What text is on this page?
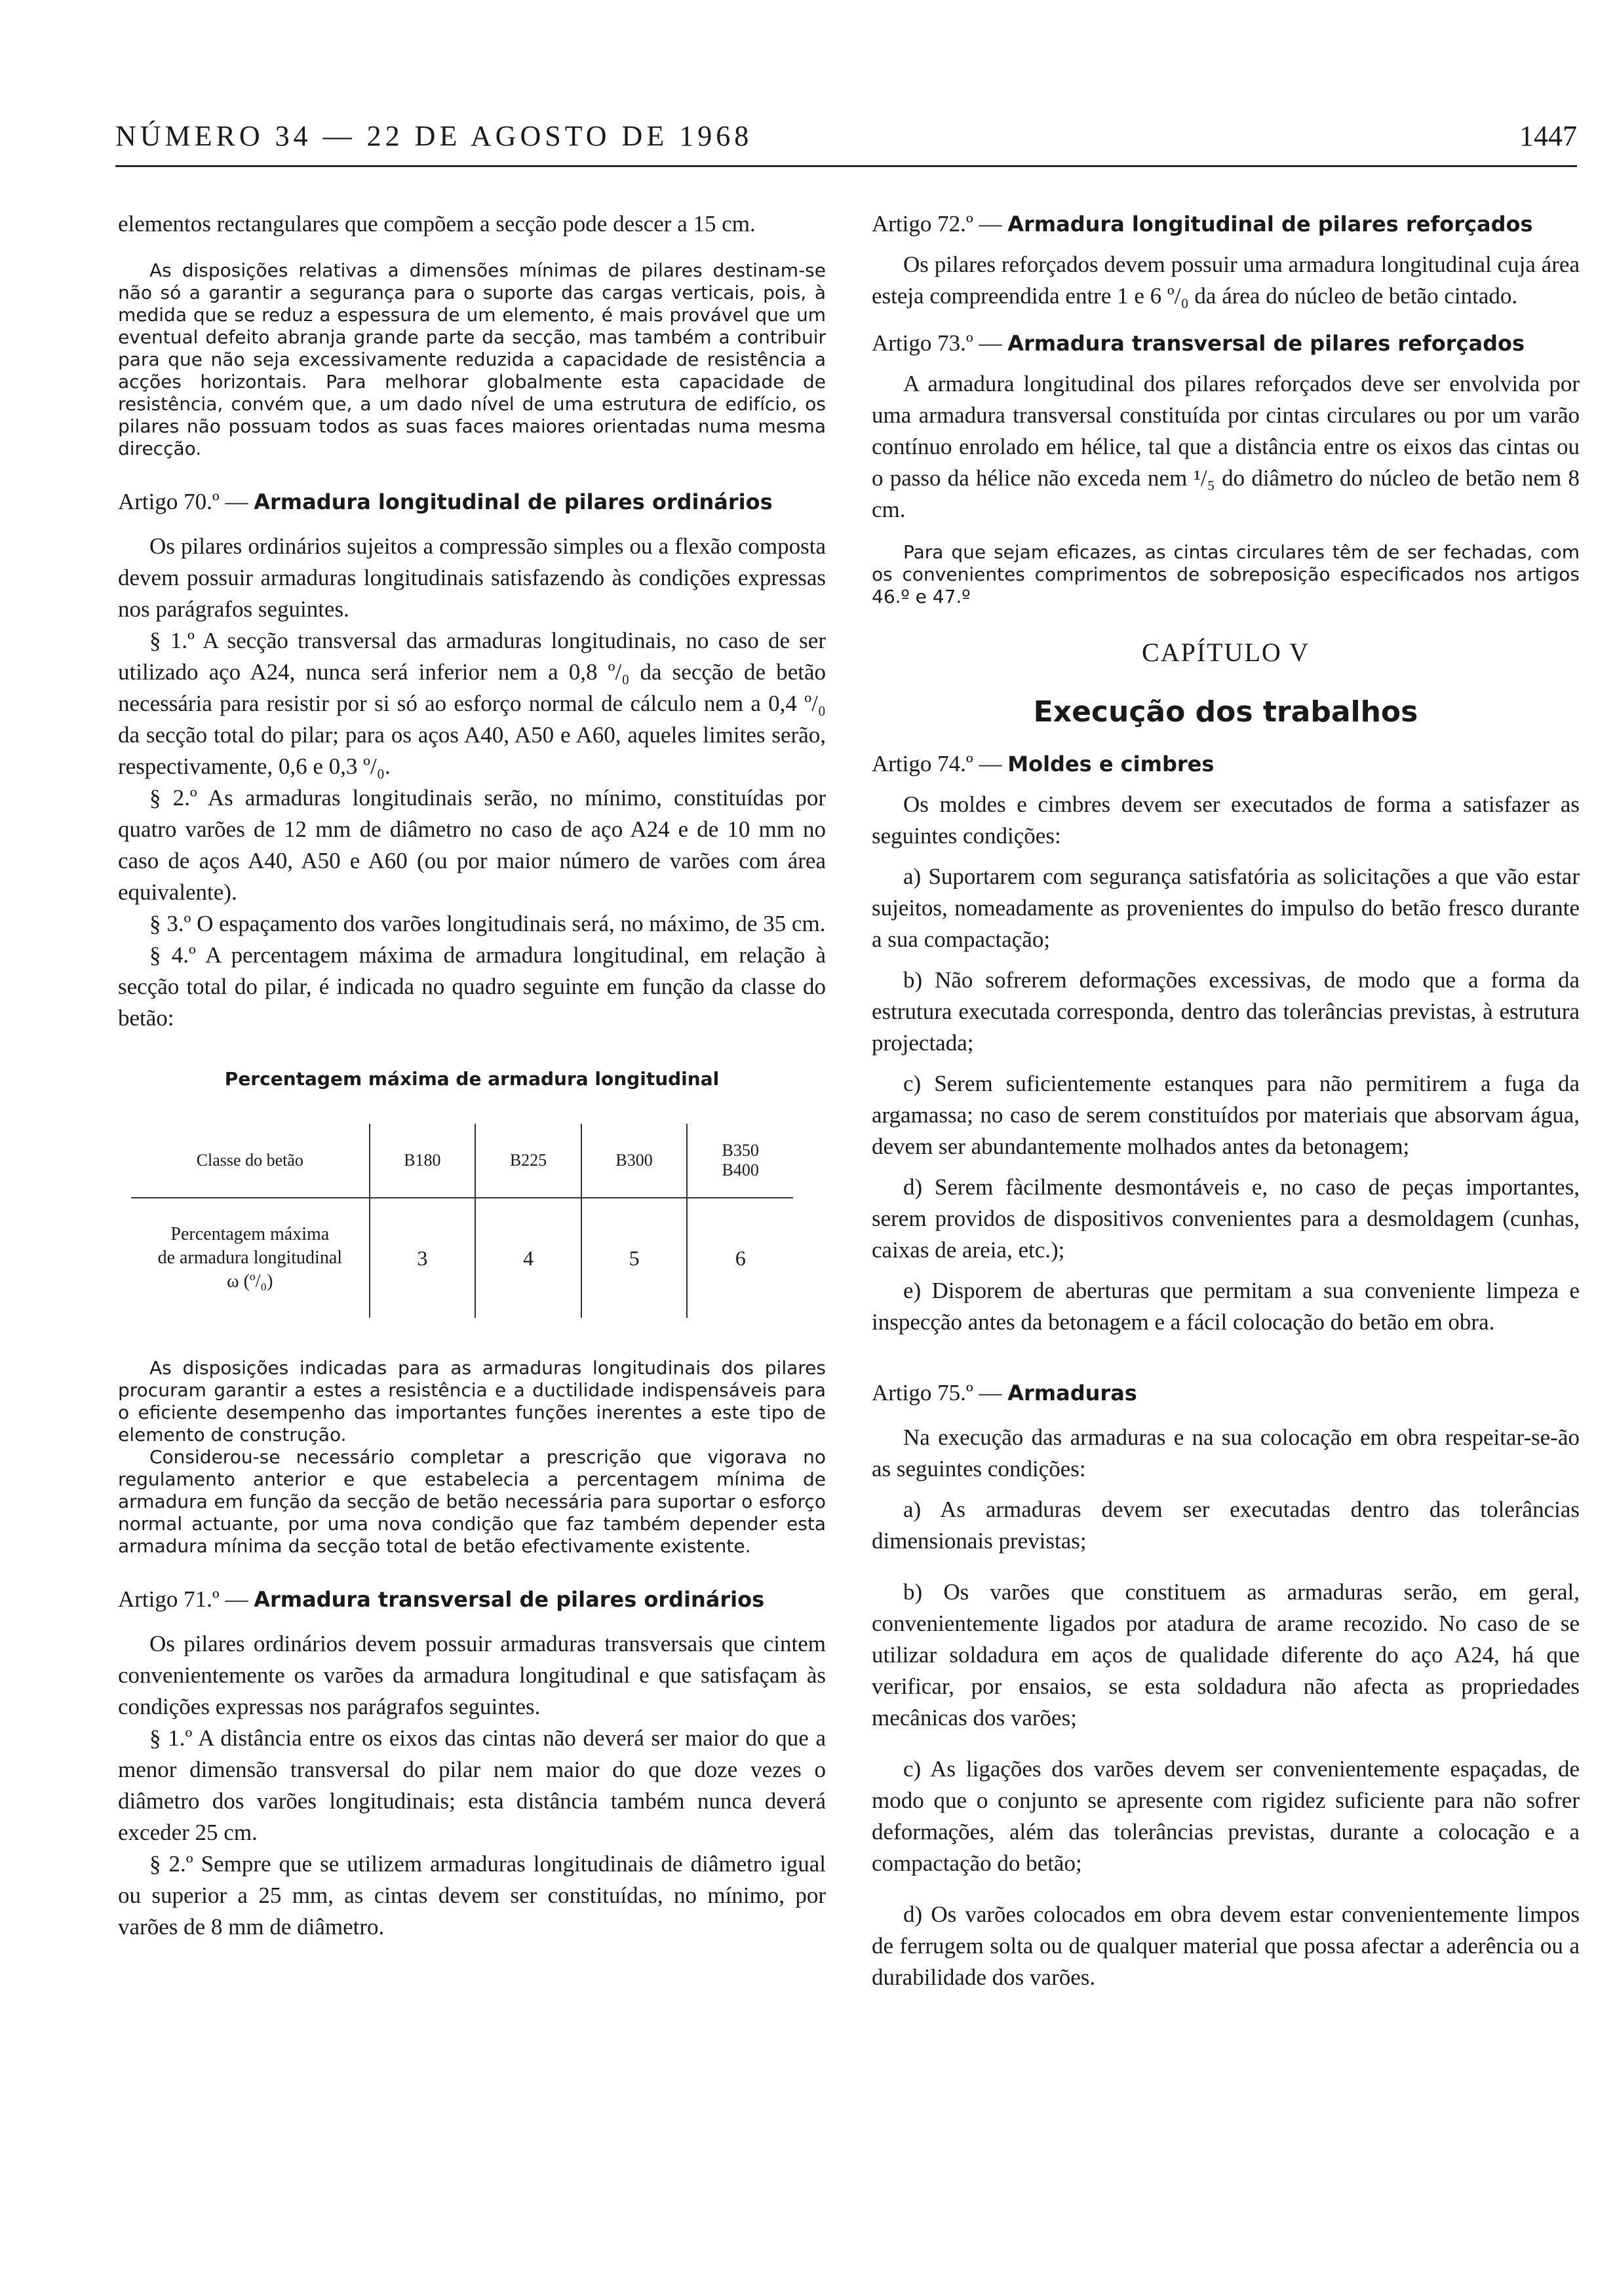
NÚMERO 34 — 22 DE AGOSTO DE 1968	1447

elementos rectangulares que compõem a secção pode descer a 15 cm.

As disposições relativas a dimensões mínimas de pilares destinam-se não só a garantir a segurança para o suporte das cargas verticais, pois, à medida que se reduz a espessura de um elemento, é mais provável que um eventual defeito abranja grande parte da secção, mas também a contribuir para que não seja excessivamente reduzida a capacidade de resistência a acções horizontais. Para melhorar globalmente esta capacidade de resistência, convém que, a um dado nível de uma estrutura de edifício, os pilares não possuam todos as suas faces maiores orientadas numa mesma direcção.

Artigo 70.º — Armadura longitudinal de pilares ordinários

Os pilares ordinários sujeitos a compressão simples ou a flexão composta devem possuir armaduras longitudinais satisfazendo às condições expressas nos parágrafos seguintes.

§ 1.º A secção transversal das armaduras longitudinais, no caso de ser utilizado aço A24, nunca será inferior nem a 0,8 º/₀ da secção de betão necessária para resistir por si só ao esforço normal de cálculo nem a 0,4 º/₀ da secção total do pilar; para os aços A40, A50 e A60, aqueles limites serão, respectivamente, 0,6 e 0,3 º/₀.

§ 2.º As armaduras longitudinais serão, no mínimo, constituídas por quatro varões de 12 mm de diâmetro no caso de aço A24 e de 10 mm no caso de aços A40, A50 e A60 (ou por maior número de varões com área equivalente).

§ 3.º O espaçamento dos varões longitudinais será, no máximo, de 35 cm.

§ 4.º A percentagem máxima de armadura longitudinal, em relação à secção total do pilar, é indicada no quadro seguinte em função da classe do betão:

Percentagem máxima de armadura longitudinal
Classe do betão	B180	B225	B300	B350
B400
Percentagem máxima
de armadura longitudinal
ω (º/₀)	3	4	5	6

As disposições indicadas para as armaduras longitudinais dos pilares procuram garantir a estes a resistência e a ductilidade indispensáveis para o eficiente desempenho das importantes funções inerentes a este tipo de elemento de construção.

Considerou-se necessário completar a prescrição que vigorava no regulamento anterior e que estabelecia a percentagem mínima de armadura em função da secção de betão necessária para suportar o esforço normal actuante, por uma nova condição que faz também depender esta armadura mínima da secção total de betão efectivamente existente.

Artigo 71.º — Armadura transversal de pilares ordinários

Os pilares ordinários devem possuir armaduras transversais que cintem convenientemente os varões da armadura longitudinal e que satisfaçam às condições expressas nos parágrafos seguintes.

§ 1.º A distância entre os eixos das cintas não deverá ser maior do que a menor dimensão transversal do pilar nem maior do que doze vezes o diâmetro dos varões longitudinais; esta distância também nunca deverá exceder 25 cm.

§ 2.º Sempre que se utilizem armaduras longitudinais de diâmetro igual ou superior a 25 mm, as cintas devem ser constituídas, no mínimo, por varões de 8 mm de diâmetro.

Artigo 72.º — Armadura longitudinal de pilares reforçados

Os pilares reforçados devem possuir uma armadura longitudinal cuja área esteja compreendida entre 1 e 6 º/₀ da área do núcleo de betão cintado.

Artigo 73.º — Armadura transversal de pilares reforçados

A armadura longitudinal dos pilares reforçados deve ser envolvida por uma armadura transversal constituída por cintas circulares ou por um varão contínuo enrolado em hélice, tal que a distância entre os eixos das cintas ou o passo da hélice não exceda nem ¹/₅ do diâmetro do núcleo de betão nem 8 cm.

Para que sejam eficazes, as cintas circulares têm de ser fechadas, com os convenientes comprimentos de sobreposição especificados nos artigos 46.º e 47.º

CAPÍTULO V
Execução dos trabalhos

Artigo 74.º — Moldes e cimbres

Os moldes e cimbres devem ser executados de forma a satisfazer as seguintes condições:

a) Suportarem com segurança satisfatória as solicitações a que vão estar sujeitos, nomeadamente as provenientes do impulso do betão fresco durante a sua compactação;

b) Não sofrerem deformações excessivas, de modo que a forma da estrutura executada corresponda, dentro das tolerâncias previstas, à estrutura projectada;

c) Serem suficientemente estanques para não permitirem a fuga da argamassa; no caso de serem constituídos por materiais que absorvam água, devem ser abundantemente molhados antes da betonagem;

d) Serem fàcilmente desmontáveis e, no caso de peças importantes, serem providos de dispositivos convenientes para a desmoldagem (cunhas, caixas de areia, etc.);

e) Disporem de aberturas que permitam a sua conveniente limpeza e inspecção antes da betonagem e a fácil colocação do betão em obra.

Artigo 75.º — Armaduras

Na execução das armaduras e na sua colocação em obra respeitar-se-ão as seguintes condições:

a) As armaduras devem ser executadas dentro das tolerâncias dimensionais previstas;

b) Os varões que constituem as armaduras serão, em geral, convenientemente ligados por atadura de arame recozido. No caso de se utilizar soldadura em aços de qualidade diferente do aço A24, há que verificar, por ensaios, se esta soldadura não afecta as propriedades mecânicas dos varões;

c) As ligações dos varões devem ser convenientemente espaçadas, de modo que o conjunto se apresente com rigidez suficiente para não sofrer deformações, além das tolerâncias previstas, durante a colocação e a compactação do betão;

d) Os varões colocados em obra devem estar convenientemente limpos de ferrugem solta ou de qualquer material que possa afectar a aderência ou a durabilidade dos varões.
